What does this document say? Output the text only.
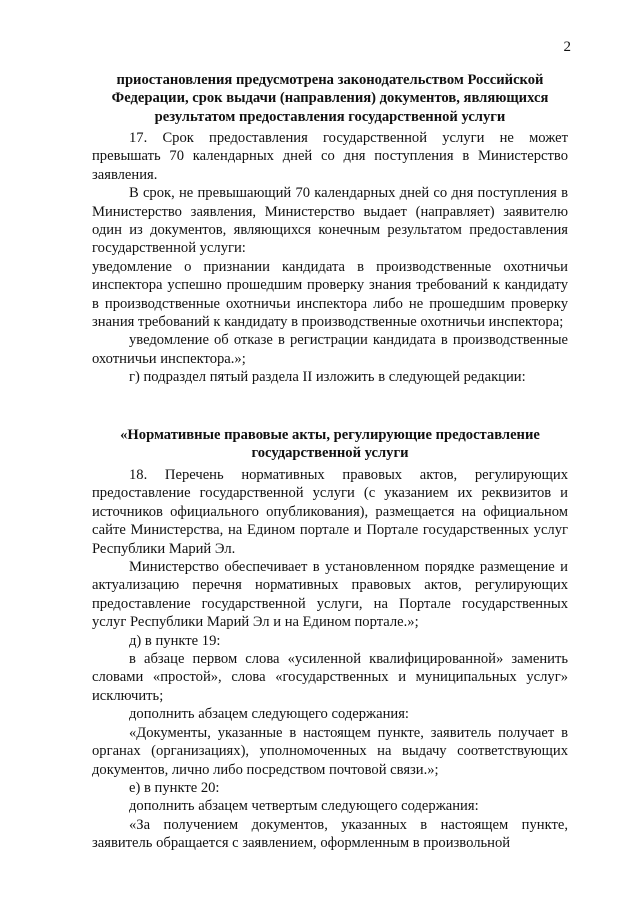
2
приостановления предусмотрена законодательством Российской Федерации, срок выдачи (направления) документов, являющихся результатом предоставления государственной услуги

17. Срок предоставления государственной услуги не может превышать 70 календарных дней со дня поступления в Министерство заявления.

В срок, не превышающий 70 календарных дней со дня поступления в Министерство заявления, Министерство выдает (направляет) заявителю один из документов, являющихся конечным результатом предоставления государственной услуги:

уведомление о признании кандидата в производственные охотничьи инспектора успешно прошедшим проверку знания требований к кандидату в производственные охотничьи инспектора либо не прошедшим проверку знания требований к кандидату в производственные охотничьи инспектора;

уведомление об отказе в регистрации кандидата в производственные охотничьи инспектора.»;

г) подраздел пятый раздела II изложить в следующей редакции:

«Нормативные правовые акты, регулирующие предоставление государственной услуги

18. Перечень нормативных правовых актов, регулирующих предоставление государственной услуги (с указанием их реквизитов и источников официального опубликования), размещается на официальном сайте Министерства, на Едином портале и Портале государственных услуг Республики Марий Эл.

Министерство обеспечивает в установленном порядке размещение и актуализацию перечня нормативных правовых актов, регулирующих предоставление государственной услуги, на Портале государственных услуг Республики Марий Эл и на Едином портале.»;

д) в пункте 19:

в абзаце первом слова «усиленной квалифицированной» заменить словами «простой», слова «государственных и муниципальных услуг» исключить;

дополнить абзацем следующего содержания:

«Документы, указанные в настоящем пункте, заявитель получает в органах (организациях), уполномоченных на выдачу соответствующих документов, лично либо посредством почтовой связи.»;

е) в пункте 20:

дополнить абзацем четвертым следующего содержания:

«За получением документов, указанных в настоящем пункте, заявитель обращается с заявлением, оформленным в произвольной
